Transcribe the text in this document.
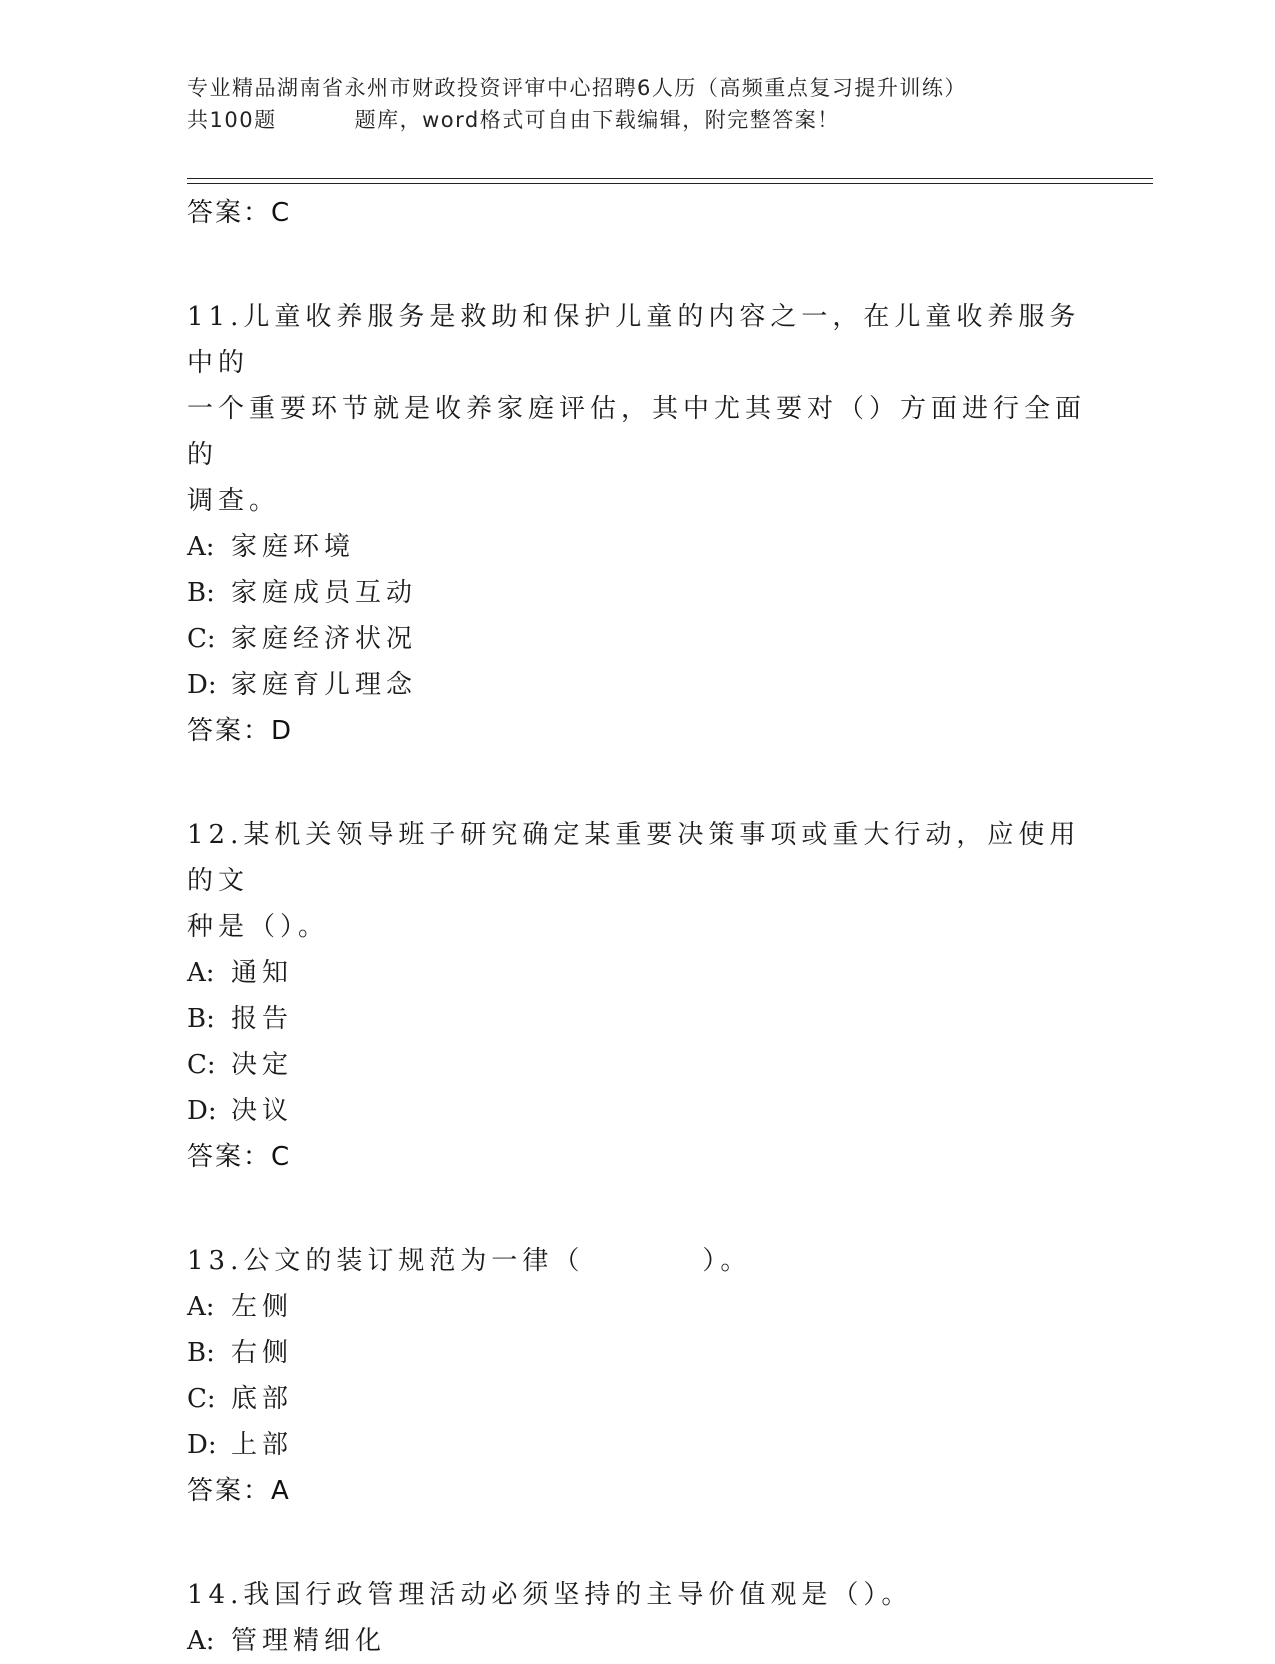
专业精品湖南省永州市财政投资评审中心招聘6人历（高频重点复习提升训练）
共100题	题库，word格式可自由下载编辑，附完整答案！
答案：C
11.儿童收养服务是救助和保护儿童的内容之一，在儿童收养服务中的
一个重要环节就是收养家庭评估，其中尤其要对（）方面进行全面的
调查。
A: 家庭环境
B: 家庭成员互动
C: 家庭经济状况
D: 家庭育儿理念
答案：D
12.某机关领导班子研究确定某重要决策事项或重大行动，应使用的文
种是（）。
A: 通知
B: 报告
C: 决定
D: 决议
答案：C
13.公文的装订规范为一律（	）。
A: 左侧
B: 右侧
C: 底部
D: 上部
答案：A
14.我国行政管理活动必须坚持的主导价值观是（）。
A: 管理精细化
